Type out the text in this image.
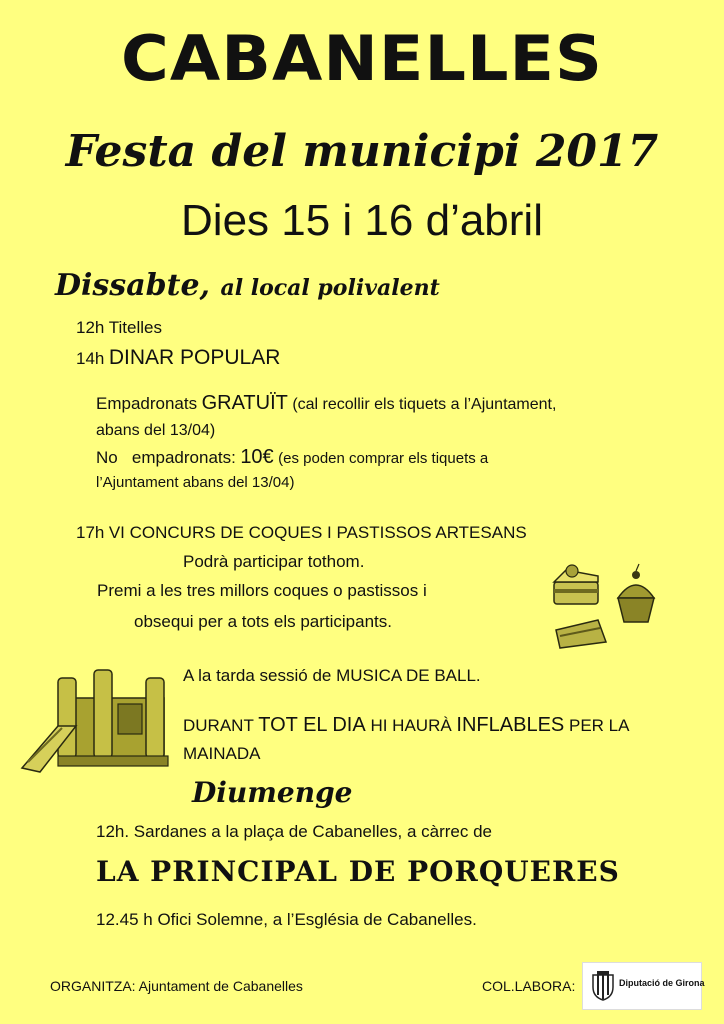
CABANELLES
Festa del municipi 2017
Dies 15 i 16 d’abril
Dissabte, al local polivalent
12h Titelles
14h DINAR POPULAR
Empadronats GRATUÏT (cal recollir els tiquets a l’Ajuntament,
abans del 13/04)
No   empadronats: 10€ (es poden comprar els tiquets a
l’Ajuntament abans del 13/04)
17h VI CONCURS DE COQUES I PASTISSOS ARTESANS
Podrà participar tothom.
Premi a les tres millors coques o pastissos i
obsequi per a tots els participants.
A la tarda sessió de MUSICA DE BALL.
DURANT TOT EL DIA HI HAURÀ INFLABLES PER LA
MAINADA
Diumenge
12h. Sardanes a la plaça de Cabanelles, a càrrec de
LA PRINCIPAL DE PORQUERES
12.45 h Ofici Solemne, a l’Església de Cabanelles.
ORGANITZA: Ajuntament de Cabanelles	COL.LABORA:	Diputació de Girona
